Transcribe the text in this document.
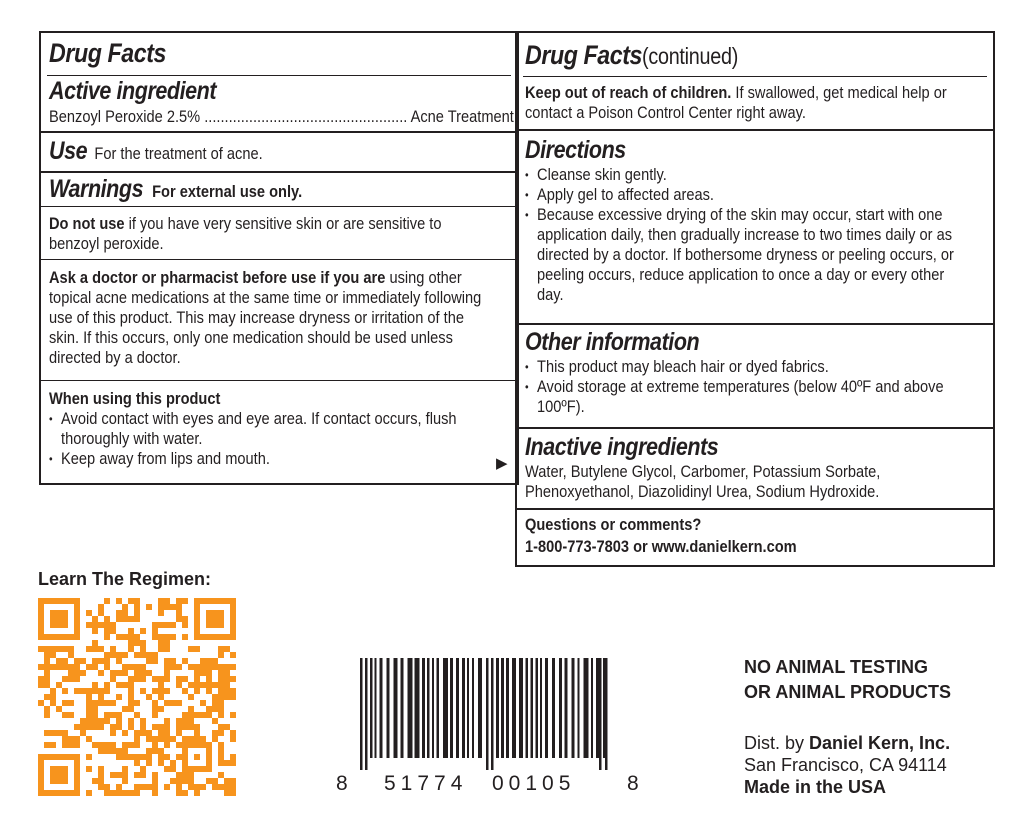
Drug Facts
Active ingredient
Benzoyl Peroxide 2.5% .................................................. Acne Treatment
Use For the treatment of acne.
Warnings For external use only.
Do not use if you have very sensitive skin or are sensitive to
benzoyl peroxide.
Ask a doctor or pharmacist before use if you are using other
topical acne medications at the same time or immediately following
use of this product. This may increase dryness or irritation of the
skin. If this occurs, only one medication should be used unless
directed by a doctor.
When using this product
• Avoid contact with eyes and eye area. If contact occurs, flush
thoroughly with water.
• Keep away from lips and mouth.	▶
Drug Facts(continued)
Keep out of reach of children. If swallowed, get medical help or
contact a Poison Control Center right away.
Directions
• Cleanse skin gently.
• Apply gel to affected areas.
• Because excessive drying of the skin may occur, start with one
application daily, then gradually increase to two times daily or as
directed by a doctor. If bothersome dryness or peeling occurs, or
peeling occurs, reduce application to once a day or every other
day.
Other information
• This product may bleach hair or dyed fabrics.
• Avoid storage at extreme temperatures (below 40ºF and above
100ºF).
Inactive ingredients
Water, Butylene Glycol, Carbomer, Potassium Sorbate,
Phenoxyethanol, Diazolidinyl Urea, Sodium Hydroxide.
Questions or comments?
1-800-773-7803 or www.danielkern.com
Learn The Regimen:
8 51774 00105 8
NO ANIMAL TESTING
OR ANIMAL PRODUCTS
Dist. by Daniel Kern, Inc.
San Francisco, CA 94114
Made in the USA
